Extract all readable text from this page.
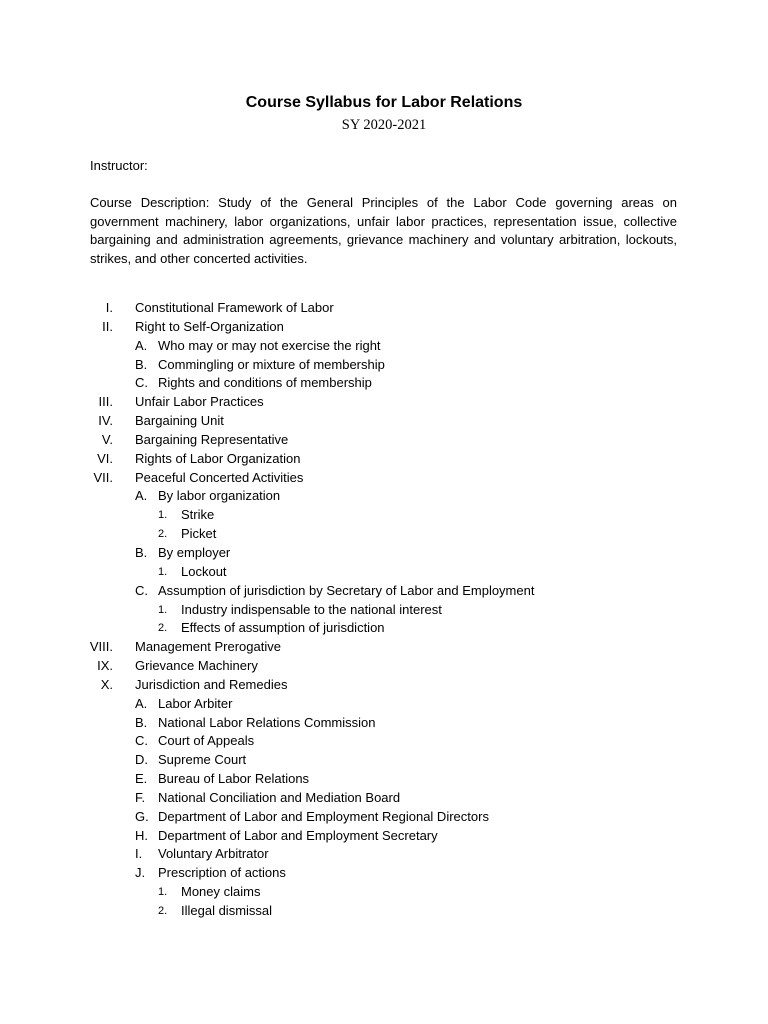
Course Syllabus for Labor Relations
SY 2020-2021
Instructor:
Course Description: Study of the General Principles of the Labor Code governing areas on government machinery, labor organizations, unfair labor practices, representation issue, collective bargaining and administration agreements, grievance machinery and voluntary arbitration, lockouts, strikes, and other concerted activities.
I. Constitutional Framework of Labor
II. Right to Self-Organization
A. Who may or may not exercise the right
B. Commingling or mixture of membership
C. Rights and conditions of membership
III. Unfair Labor Practices
IV. Bargaining Unit
V. Bargaining Representative
VI. Rights of Labor Organization
VII. Peaceful Concerted Activities
A. By labor organization
1.	Strike
2.	Picket
B. By employer
1.	Lockout
C. Assumption of jurisdiction by Secretary of Labor and Employment
1.	Industry indispensable to the national interest
2.	Effects of assumption of jurisdiction
VIII. Management Prerogative
IX. Grievance Machinery
X. Jurisdiction and Remedies
A. Labor Arbiter
B. National Labor Relations Commission
C. Court of Appeals
D. Supreme Court
E. Bureau of Labor Relations
F. National Conciliation and Mediation Board
G. Department of Labor and Employment Regional Directors
H. Department of Labor and Employment Secretary
I.	Voluntary Arbitrator
J. Prescription of actions
1.	Money claims
2.	Illegal dismissal
